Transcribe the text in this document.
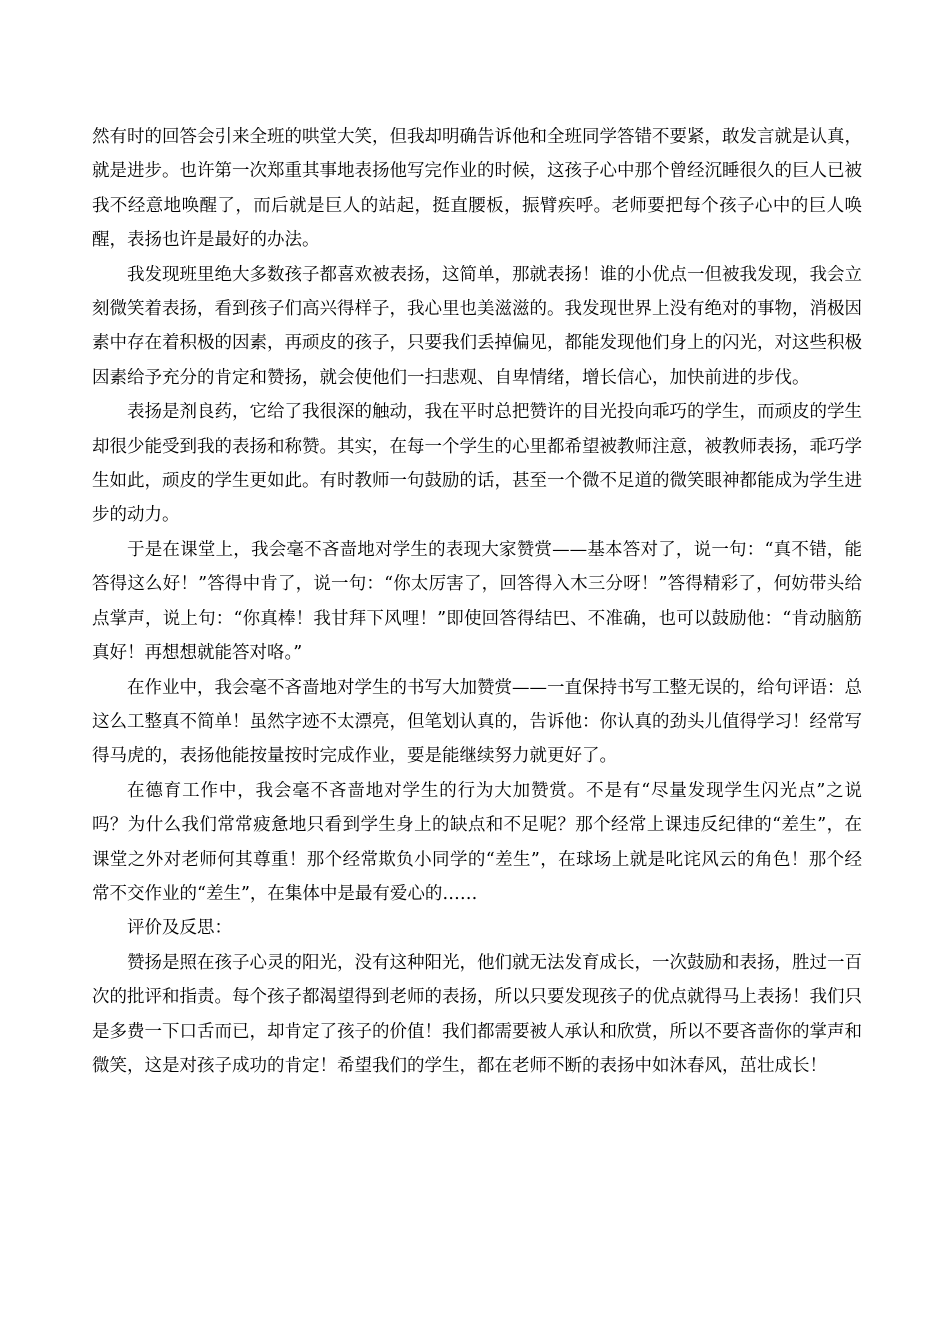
然有时的回答会引来全班的哄堂大笑，但我却明确告诉他和全班同学答错不要紧，敢发言就是认真，就是进步。也许第一次郑重其事地表扬他写完作业的时候，这孩子心中那个曾经沉睡很久的巨人已被我不经意地唤醒了，而后就是巨人的站起，挺直腰板，振臂疾呼。老师要把每个孩子心中的巨人唤醒，表扬也许是最好的办法。

我发现班里绝大多数孩子都喜欢被表扬，这简单，那就表扬！谁的小优点一但被我发现，我会立刻微笑着表扬，看到孩子们高兴得样子，我心里也美滋滋的。我发现世界上没有绝对的事物，消极因素中存在着积极的因素，再顽皮的孩子，只要我们丢掉偏见，都能发现他们身上的闪光，对这些积极因素给予充分的肯定和赞扬，就会使他们一扫悲观、自卑情绪，增长信心，加快前进的步伐。

表扬是剂良药，它给了我很深的触动，我在平时总把赞许的目光投向乖巧的学生，而顽皮的学生却很少能受到我的表扬和称赞。其实，在每一个学生的心里都希望被教师注意，被教师表扬，乖巧学生如此，顽皮的学生更如此。有时教师一句鼓励的话，甚至一个微不足道的微笑眼神都能成为学生进步的动力。

于是在课堂上，我会毫不吝啬地对学生的表现大家赞赏——基本答对了，说一句：“真不错，能答得这么好！”答得中肯了，说一句：“你太厉害了，回答得入木三分呀！”答得精彩了，何妨带头给点掌声，说上句：“你真棒！我甘拜下风哩！”即使回答得结巴、不准确，也可以鼓励他：“肯动脑筋真好！再想想就能答对咯。”

在作业中，我会毫不吝啬地对学生的书写大加赞赏——一直保持书写工整无误的，给句评语：总这么工整真不简单！虽然字迹不太漂亮，但笔划认真的，告诉他：你认真的劲头儿值得学习！经常写得马虎的，表扬他能按量按时完成作业，要是能继续努力就更好了。

在德育工作中，我会毫不吝啬地对学生的行为大加赞赏。不是有“尽量发现学生闪光点”之说吗？为什么我们常常疲惫地只看到学生身上的缺点和不足呢？那个经常上课违反纪律的“差生”，在课堂之外对老师何其尊重！那个经常欺负小同学的“差生”，在球场上就是叱诧风云的角色！那个经常不交作业的“差生”，在集体中是最有爱心的……

评价及反思：

赞扬是照在孩子心灵的阳光，没有这种阳光，他们就无法发育成长，一次鼓励和表扬，胜过一百次的批评和指责。每个孩子都渴望得到老师的表扬，所以只要发现孩子的优点就得马上表扬！我们只是多费一下口舌而已，却肯定了孩子的价值！我们都需要被人承认和欣赏，所以不要吝啬你的掌声和微笑，这是对孩子成功的肯定！希望我们的学生，都在老师不断的表扬中如沐春风，茁壮成长！
